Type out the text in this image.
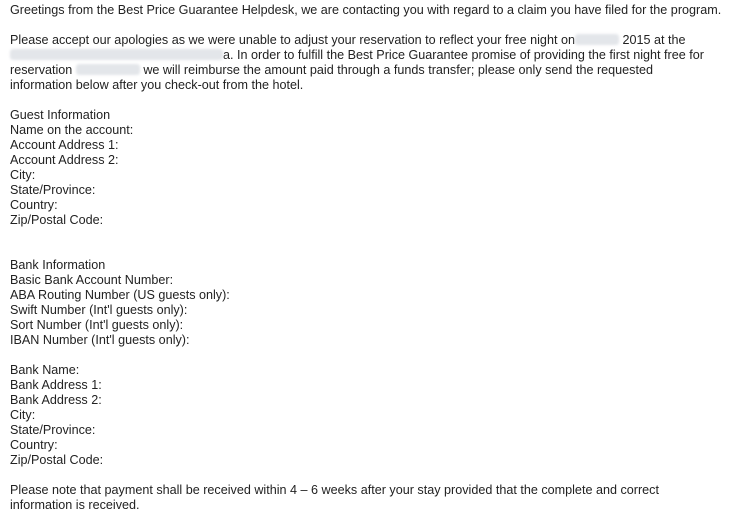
Greetings from the Best Price Guarantee Helpdesk, we are contacting you with regard to a claim you have filed for the program.

Please accept our apologies as we were unable to adjust your reservation to reflect your free night on	2015 at the
a. In order to fulfill the Best Price Guarantee promise of providing the first night free for
reservation	we will reimburse the amount paid through a funds transfer; please only send the requested
information below after you check-out from the hotel.

Guest Information
Name on the account:
Account Address 1:
Account Address 2:
City:
State/Province:
Country:
Zip/Postal Code:
Bank Information
Basic Bank Account Number:
ABA Routing Number (US guests only):
Swift Number (Int'l guests only):
Sort Number (Int'l guests only):
IBAN Number (Int'l guests only):
Bank Name:
Bank Address 1:
Bank Address 2:
City:
State/Province:
Country:
Zip/Postal Code:

Please note that payment shall be received within 4 – 6 weeks after your stay provided that the complete and correct
information is received.
